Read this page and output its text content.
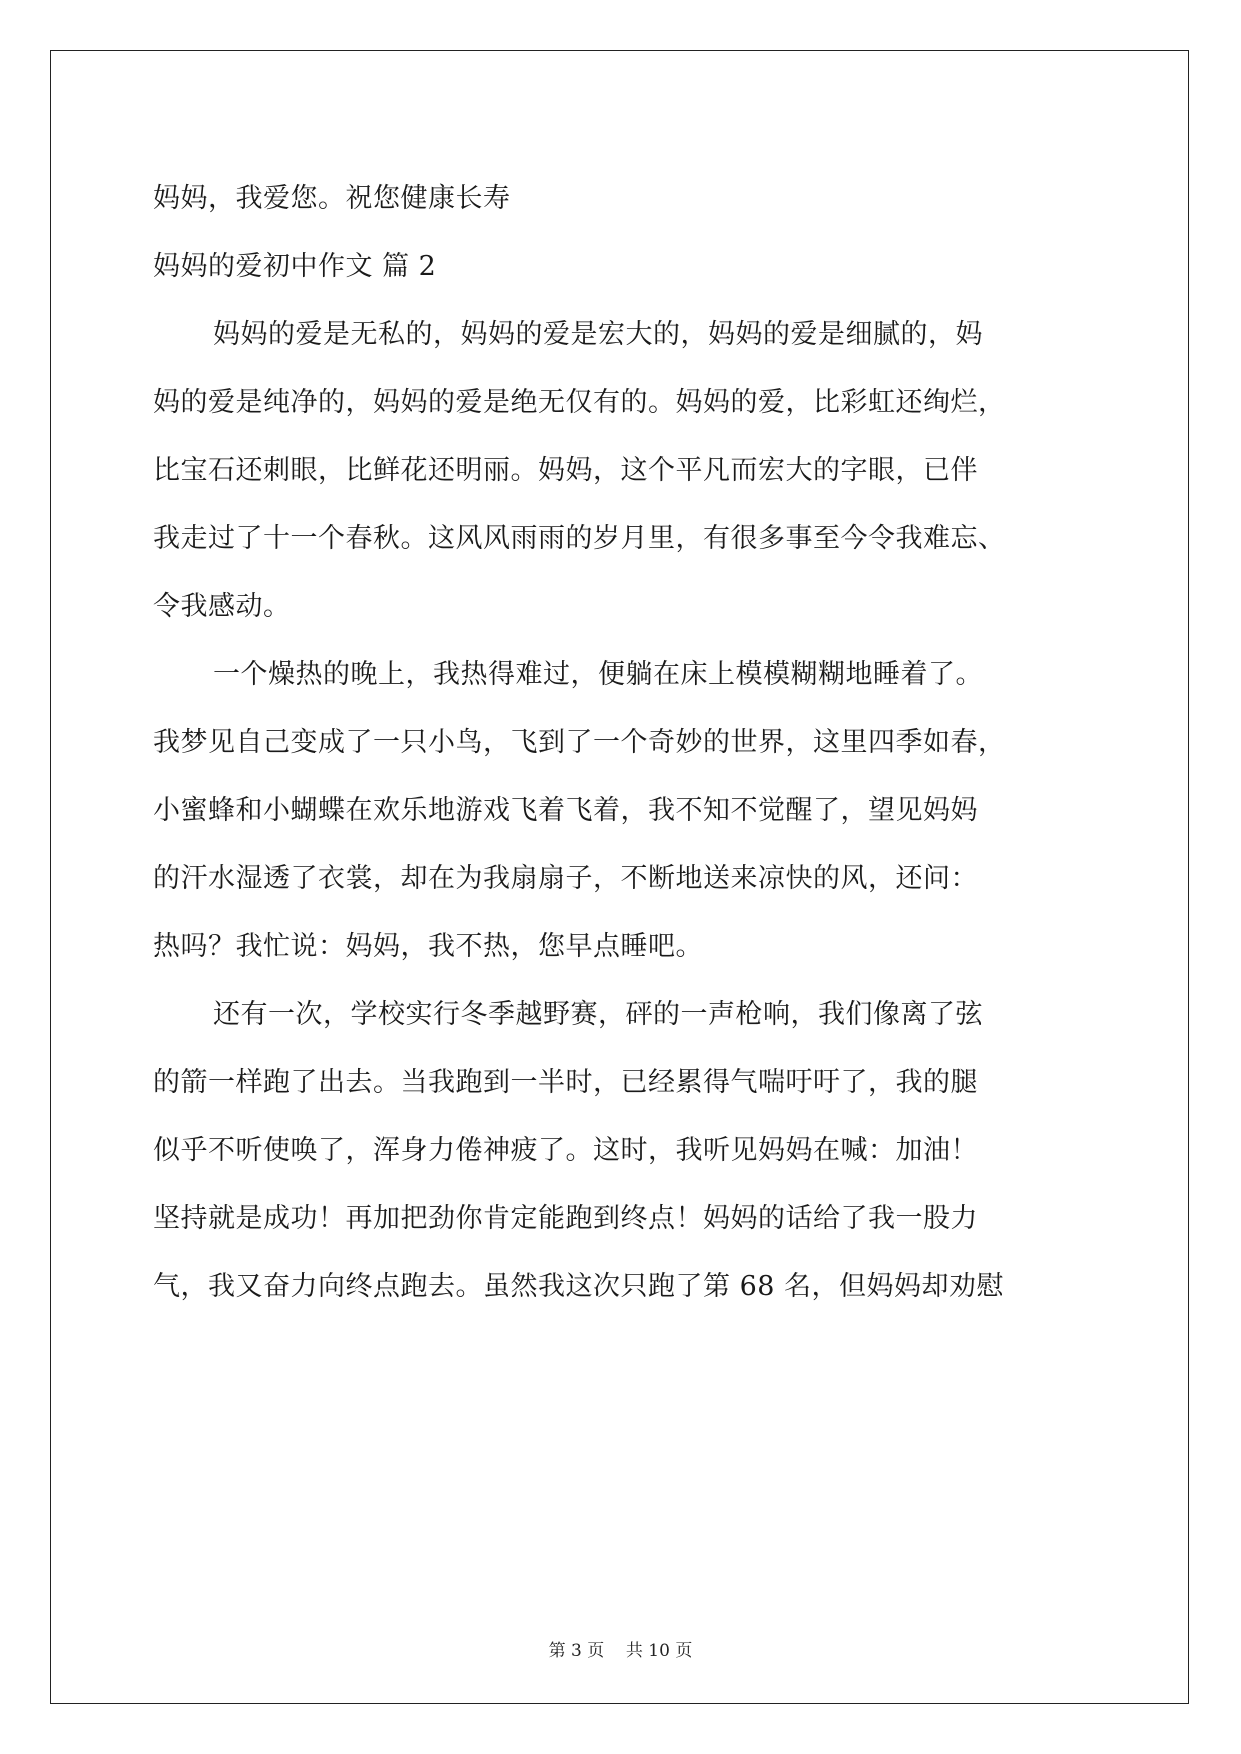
妈妈，我爱您。祝您健康长寿
妈妈的爱初中作文 篇 2
妈妈的爱是无私的，妈妈的爱是宏大的，妈妈的爱是细腻的，妈
妈的爱是纯净的，妈妈的爱是绝无仅有的。妈妈的爱，比彩虹还绚烂，
比宝石还刺眼，比鲜花还明丽。妈妈，这个平凡而宏大的字眼，已伴
我走过了十一个春秋。这风风雨雨的岁月里，有很多事至今令我难忘、
令我感动。
一个燥热的晚上，我热得难过，便躺在床上模模糊糊地睡着了。
我梦见自己变成了一只小鸟，飞到了一个奇妙的世界，这里四季如春，
小蜜蜂和小蝴蝶在欢乐地游戏飞着飞着，我不知不觉醒了，望见妈妈
的汗水湿透了衣裳，却在为我扇扇子，不断地送来凉快的风，还问：
热吗？我忙说：妈妈，我不热，您早点睡吧。
还有一次，学校实行冬季越野赛，砰的一声枪响，我们像离了弦
的箭一样跑了出去。当我跑到一半时，已经累得气喘吁吁了，我的腿
似乎不听使唤了，浑身力倦神疲了。这时，我听见妈妈在喊：加油！
坚持就是成功！再加把劲你肯定能跑到终点！妈妈的话给了我一股力
气，我又奋力向终点跑去。虽然我这次只跑了第 68 名，但妈妈却劝慰
第 3 页 共 10 页
